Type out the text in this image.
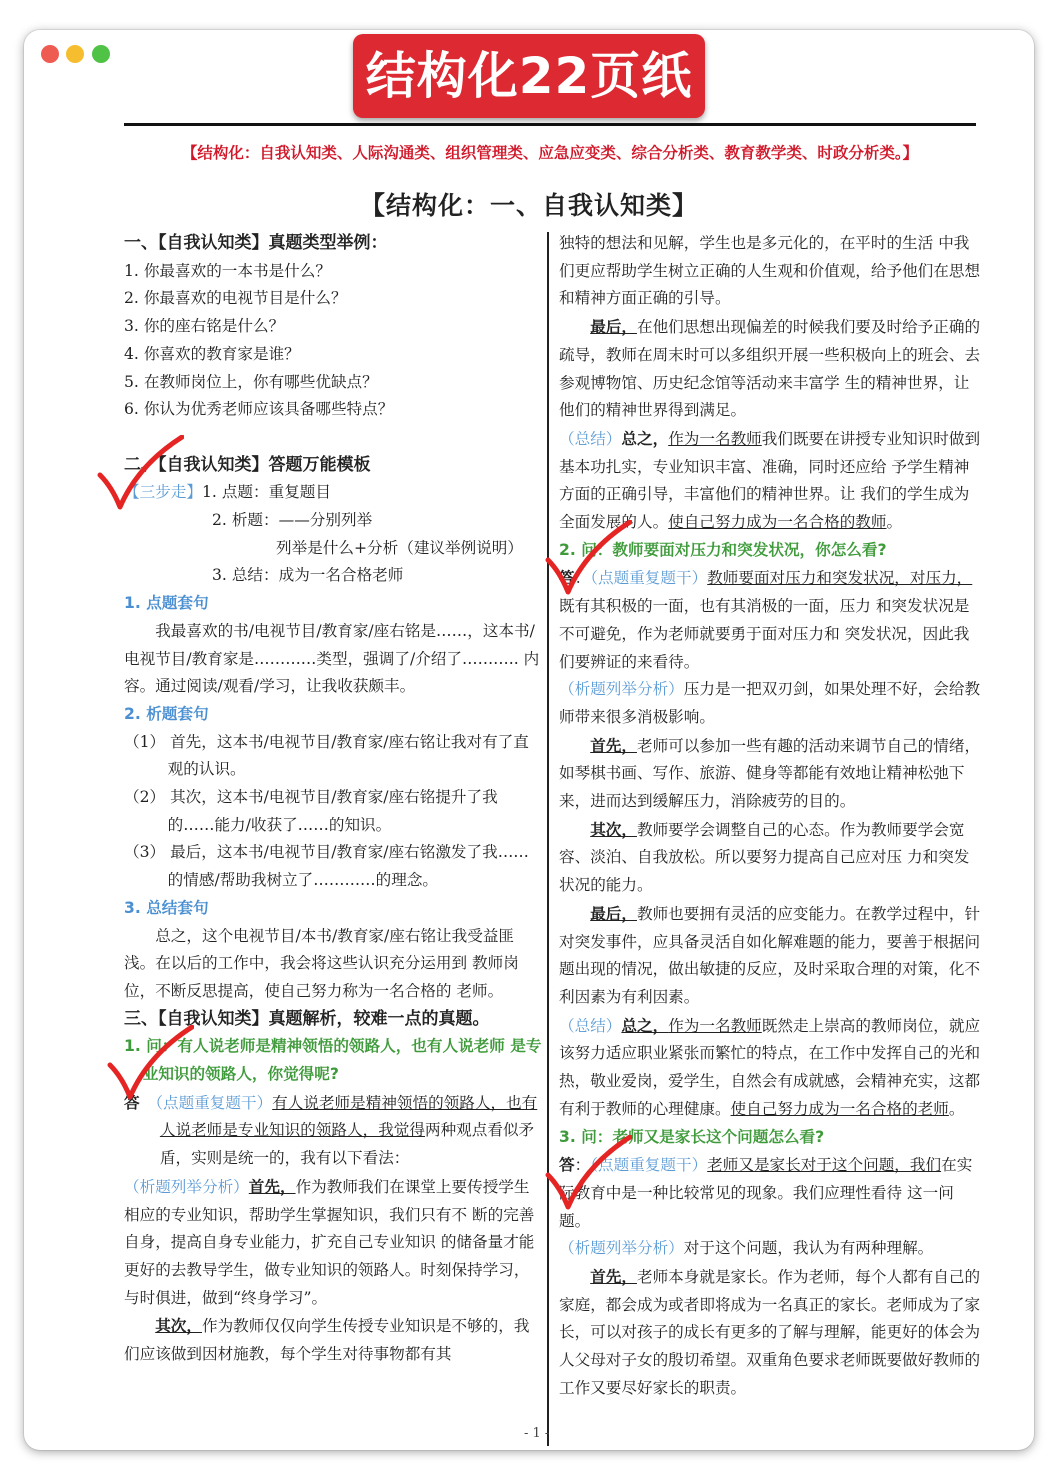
结构化22页纸
【结构化：自我认知类、人际沟通类、组织管理类、应急应变类、综合分析类、教育教学类、时政分析类。】
【结构化：一、自我认知类】

一、【自我认知类】真题类型举例：

1. 你最喜欢的一本书是什么？

2. 你最喜欢的电视节目是什么？

3. 你的座右铭是什么？

4. 你喜欢的教育家是谁？

5. 在教师岗位上，你有哪些优缺点？

6. 你认为优秀老师应该具备哪些特点？

二、【自我认知类】答题万能模板

【三步走】1. 点题：重复题目

2. 析题：——分别列举

列举是什么+分析（建议举例说明）

3. 总结：成为一名合格老师

1. 点题套句

我最喜欢的书/电视节目/教育家/座右铭是……，这本书/电视节目/教育家是…………类型，强调了/介绍了……….. 内容。通过阅读/观看/学习，让我收获颇丰。

2. 析题套句

（1） 首先，这本书/电视节目/教育家/座右铭让我对有了直观的认识。

（2） 其次，这本书/电视节目/教育家/座右铭提升了我的……能力/收获了……的知识。

（3） 最后，这本书/电视节目/教育家/座右铭激发了我……的情感/帮助我树立了…………的理念。

3. 总结套句

总之，这个电视节目/本书/教育家/座右铭让我受益匪浅。在以后的工作中，我会将这些认识充分运用到 教师岗位，不断反思提高，使自己努力称为一名合格的 老师。

三、【自我认知类】真题解析，较难一点的真题。

1. 问：有人说老师是精神领悟的领路人，也有人说老师 是专业知识的领路人，你觉得呢?

答　 （点题重复题干）有人说老师是精神领悟的领路人，也有人说老师是专业知识的领路人，我觉得两种观点看似矛盾，实则是统一的，我有以下看法：

（析题列举分析）首先，作为教师我们在课堂上要传授学生相应的专业知识，帮助学生掌握知识，我们只有不 断的完善自身，提高自身专业能力，扩充自己专业知识 的储备量才能更好的去教导学生，做专业知识的领路人。时刻保持学习，与时俱进，做到“终身学习”。

其次，作为教师仅仅向学生传授专业知识是不够的，我们应该做到因材施教，每个学生对待事物都有其

独特的想法和见解，学生也是多元化的，在平时的生活 中我们更应帮助学生树立正确的人生观和价值观，给予他们在思想和精神方面正确的引导。

最后，在他们思想出现偏差的时候我们要及时给予正确的疏导，教师在周末时可以多组织开展一些积极向上的班会、去参观博物馆、历史纪念馆等活动来丰富学 生的精神世界，让他们的精神世界得到满足。

（总结）总之，作为一名教师我们既要在讲授专业知识时做到基本功扎实，专业知识丰富、准确，同时还应给 予学生精神方面的正确引导，丰富他们的精神世界。让 我们的学生成为全面发展的人。使自己努力成为一名合格的教师。

2. 问：教师要面对压力和突发状况，你怎么看?

答：（点题重复题干）教师要面对压力和突发状况，对压力，既有其积极的一面，也有其消极的一面，压力 和突发状况是不可避免，作为老师就要勇于面对压力和 突发状况，因此我们要辨证的来看待。

（析题列举分析）压力是一把双刃剑，如果处理不好，会给教师带来很多消极影响。

首先，老师可以参加一些有趣的活动来调节自己的情绪，如琴棋书画、写作、旅游、健身等都能有效地让精神松弛下来，进而达到缓解压力，消除疲劳的目的。

其次，教师要学会调整自己的心态。作为教师要学会宽容、淡泊、自我放松。所以要努力提高自己应对压 力和突发状况的能力。

最后，教师也要拥有灵活的应变能力。在教学过程中，针对突发事件，应具备灵活自如化解难题的能力，要善于根据问题出现的情况，做出敏捷的反应，及时采取合理的对策，化不利因素为有利因素。

（总结）总之，作为一名教师既然走上崇高的教师岗位，就应该努力适应职业紧张而繁忙的特点，在工作中发挥自己的光和热，敬业爱岗，爱学生，自然会有成就感，会精神充实，这都有利于教师的心理健康。使自己努力成为一名合格的老师。

3. 问：老师又是家长这个问题怎么看?

答：（点题重复题干）老师又是家长对于这个问题，我们在实际教育中是一种比较常见的现象。我们应理性看待 这一问题。

（析题列举分析）对于这个问题，我认为有两种理解。

首先，老师本身就是家长。作为老师，每个人都有自己的家庭，都会成为或者即将成为一名真正的家长。老师成为了家长，可以对孩子的成长有更多的了解与理解，能更好的体会为人父母对子女的殷切希望。双重角色要求老师既要做好教师的工作又要尽好家长的职责。

- 1 -
